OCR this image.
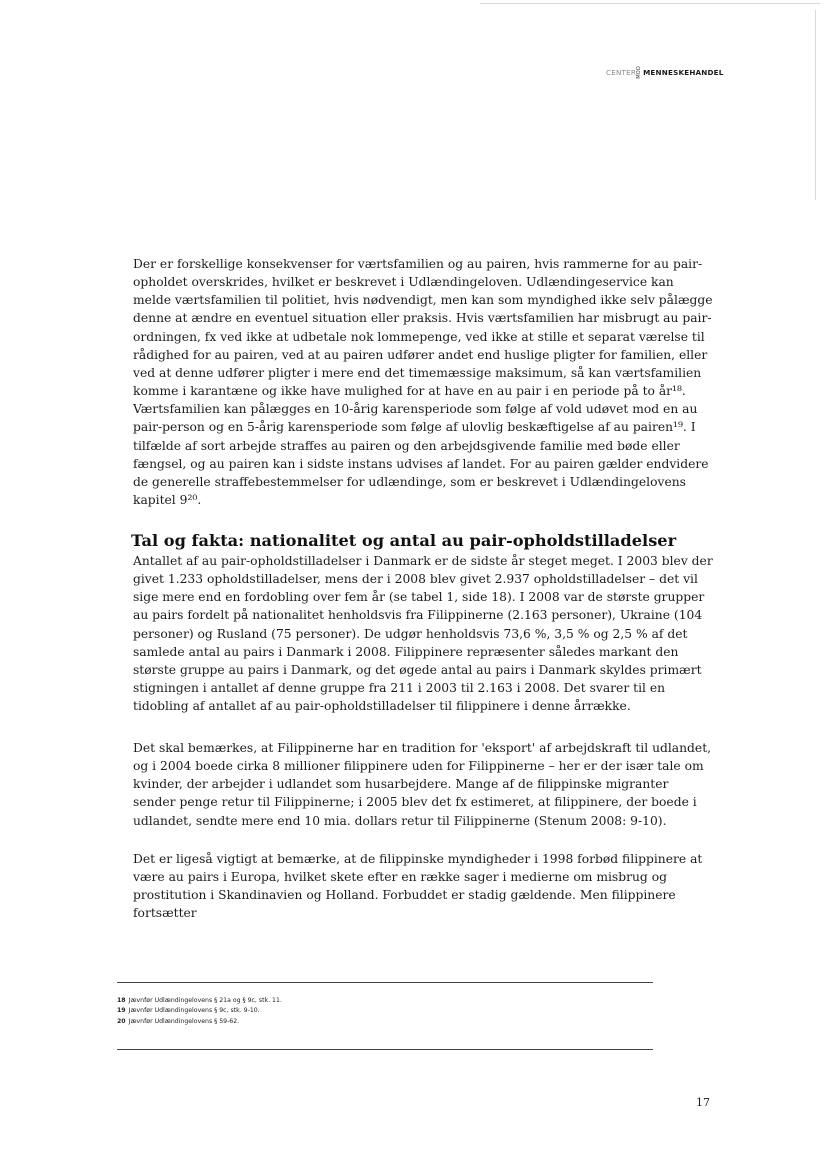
CENTER MOD MENNESKEHANDEL
Der er forskellige konsekvenser for værtsfamilien og au pairen, hvis rammerne for au pair-opholdet overskrides, hvilket er beskrevet i Udlændingeloven. Udlændingeservice kan melde værtsfamilien til politiet, hvis nødvendigt, men kan som myndighed ikke selv pålægge denne at ændre en eventuel situation eller praksis. Hvis værtsfamilien har misbrugt au pair-ordningen, fx ved ikke at udbetale nok lommepenge, ved ikke at stille et separat værelse til rådighed for au pairen, ved at au pairen udfører andet end huslige pligter for familien, eller ved at denne udfører pligter i mere end det timemæssige maksimum, så kan værtsfamilien komme i karantæne og ikke have mulighed for at have en au pair i en periode på to år¹⁸. Værtsfamilien kan pålægges en 10-årig karensperiode som følge af vold udøvet mod en au pair-person og en 5-årig karensperiode som følge af ulovlig beskæftigelse af au pairen¹⁹. I tilfælde af sort arbejde straffes au pairen og den arbejdsgivende familie med bøde eller fængsel, og au pairen kan i sidste instans udvises af landet. For au pairen gælder endvidere de generelle straffebestemmelser for udlændinge, som er beskrevet i Udlændingelovens kapitel 9²⁰.
Tal og fakta: nationalitet og antal au pair-opholdstilladelser
Antallet af au pair-opholdstilladelser i Danmark er de sidste år steget meget. I 2003 blev der givet 1.233 opholdstilladelser, mens der i 2008 blev givet 2.937 opholdstilladelser – det vil sige mere end en fordobling over fem år (se tabel 1, side 18). I 2008 var de største grupper au pairs fordelt på nationalitet henholdsvis fra Filippinerne (2.163 personer), Ukraine (104 personer) og Rusland (75 personer). De udgør henholdsvis 73,6 %, 3,5 % og 2,5 % af det samlede antal au pairs i Danmark i 2008. Filippinere repræsenter således markant den største gruppe au pairs i Danmark, og det øgede antal au pairs i Danmark skyldes primært stigningen i antallet af denne gruppe fra 211 i 2003 til 2.163 i 2008. Det svarer til en tidobling af antallet af au pair-opholdstilladelser til filippinere i denne årrække.
Det skal bemærkes, at Filippinerne har en tradition for 'eksport' af arbejdskraft til udlandet, og i 2004 boede cirka 8 millioner filippinere uden for Filippinerne – her er der især tale om kvinder, der arbejder i udlandet som husarbejdere. Mange af de filippinske migranter sender penge retur til Filippinerne; i 2005 blev det fx estimeret, at filippinere, der boede i udlandet, sendte mere end 10 mia. dollars retur til Filippinerne (Stenum 2008: 9-10).
Det er ligeså vigtigt at bemærke, at de filippinske myndigheder i 1998 forbød filippinere at være au pairs i Europa, hvilket skete efter en række sager i medierne om misbrug og prostitution i Skandinavien og Holland. Forbuddet er stadig gældende. Men filippinere fortsætter
18 Jævnfør Udlændingelovens § 21a og § 9c, stk. 11.
19 Jævnfør Udlændingelovens § 9c, stk. 9-10.
20 Jævnfør Udlændingelovens § 59-62.
17
